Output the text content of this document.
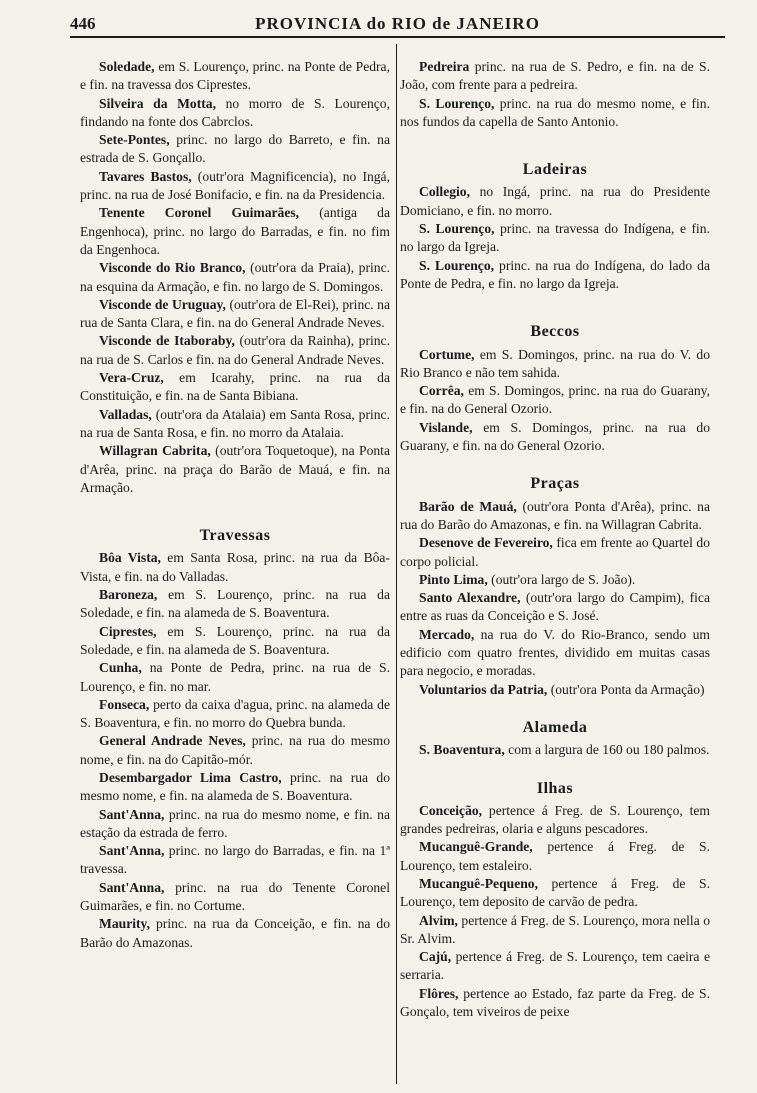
446	PROVINCIA do RIO de JANEIRO

Soledade, em S. Lourenço, princ. na Ponte de Pedra, e fin. na travessa dos Ciprestes.

Silveira da Motta, no morro de S. Lourenço, findando na fonte dos Cabrclos.

Sete-Pontes, princ. no largo do Barreto, e fin. na estrada de S. Gonçallo.

Tavares Bastos, (outr'ora Magnificencia), no Ingá, princ. na rua de José Bonifacio, e fin. na da Presidencia.

Tenente Coronel Guimarães, (antiga da Engenhoca), princ. no largo do Barradas, e fin. no fim da Engenhoca.

Visconde do Rio Branco, (outr'ora da Praia), princ. na esquina da Armação, e fin. no largo de S. Domingos.

Visconde de Uruguay, (outr'ora de El-Rei), princ. na rua de Santa Clara, e fin. na do General Andrade Neves.

Visconde de Itaboraby, (outr'ora da Rainha), princ. na rua de S. Carlos e fin. na do General Andrade Neves.

Vera-Cruz, em Icarahy, princ. na rua da Constituição, e fin. na de Santa Bibiana.

Valladas, (outr'ora da Atalaia) em Santa Rosa, princ. na rua de Santa Rosa, e fin. no morro da Atalaia.

Willagran Cabrita, (outr'ora Toquetoque), na Ponta d'Arêa, princ. na praça do Barão de Mauá, e fin. na Armação.

Travessas

Bôa Vista, em Santa Rosa, princ. na rua da Bôa-Vista, e fin. na do Valladas.

Baroneza, em S. Lourenço, princ. na rua da Soledade, e fin. na alameda de S. Boaventura.

Ciprestes, em S. Lourenço, princ. na rua da Soledade, e fin. na alameda de S. Boaventura.

Cunha, na Ponte de Pedra, princ. na rua de S. Lourenço, e fin. no mar.

Fonseca, perto da caixa d'agua, princ. na alameda de S. Boaventura, e fin. no morro do Quebra bunda.

General Andrade Neves, princ. na rua do mesmo nome, e fin. na do Capitão-mór.

Desembargador Lima Castro, princ. na rua do mesmo nome, e fin. na alameda de S. Boaventura.

Sant'Anna, princ. na rua do mesmo nome, e fin. na estação da estrada de ferro.

Sant'Anna, princ. no largo do Barradas, e fin. na 1ª travessa.

Sant'Anna, princ. na rua do Tenente Coronel Guimarães, e fin. no Cortume.

Maurity, princ. na rua da Conceição, e fin. na do Barão do Amazonas.

Pedreira princ. na rua de S. Pedro, e fin. na de S. João, com frente para a pedreira.

S. Lourenço, princ. na rua do mesmo nome, e fin. nos fundos da capella de Santo Antonio.

Ladeiras

Collegio, no Ingá, princ. na rua do Presidente Domiciano, e fin. no morro.

S. Lourenço, princ. na travessa do Indígena, e fin. no largo da Igreja.

S. Lourenço, princ. na rua do Indígena, do lado da Ponte de Pedra, e fin. no largo da Igreja.

Beccos

Cortume, em S. Domingos, princ. na rua do V. do Rio Branco e não tem sahida.

Corrêa, em S. Domingos, princ. na rua do Guarany, e fin. na do General Ozorio.

Vislande, em S. Domingos, princ. na rua do Guarany, e fin. na do General Ozorio.

Praças

Barão de Mauá, (outr'ora Ponta d'Arêa), princ. na rua do Barão do Amazonas, e fin. na Willagran Cabrita.

Desenove de Fevereiro, fica em frente ao Quartel do corpo policial.

Pinto Lima, (outr'ora largo de S. João).

Santo Alexandre, (outr'ora largo do Campim), fica entre as ruas da Conceição e S. José.

Mercado, na rua do V. do Rio-Branco, sendo um edificio com quatro frentes, dividido em muitas casas para negocio, e moradas.

Voluntarios da Patria, (outr'ora Ponta da Armação)

Alameda

S. Boaventura, com a largura de 160 ou 180 palmos.

Ilhas

Conceição, pertence á Freg. de S. Lourenço, tem grandes pedreiras, olaria e alguns pescadores.

Mucanguê-Grande, pertence á Freg. de S. Lourenço, tem estaleiro.

Mucanguê-Pequeno, pertence á Freg. de S. Lourenço, tem deposito de carvão de pedra.

Alvim, pertence á Freg. de S. Lourenço, mora nella o Sr. Alvim.

Cajú, pertence á Freg. de S. Lourenço, tem caeira e serraria.

Flôres, pertence ao Estado, faz parte da Freg. de S. Gonçalo, tem viveiros de peixe
